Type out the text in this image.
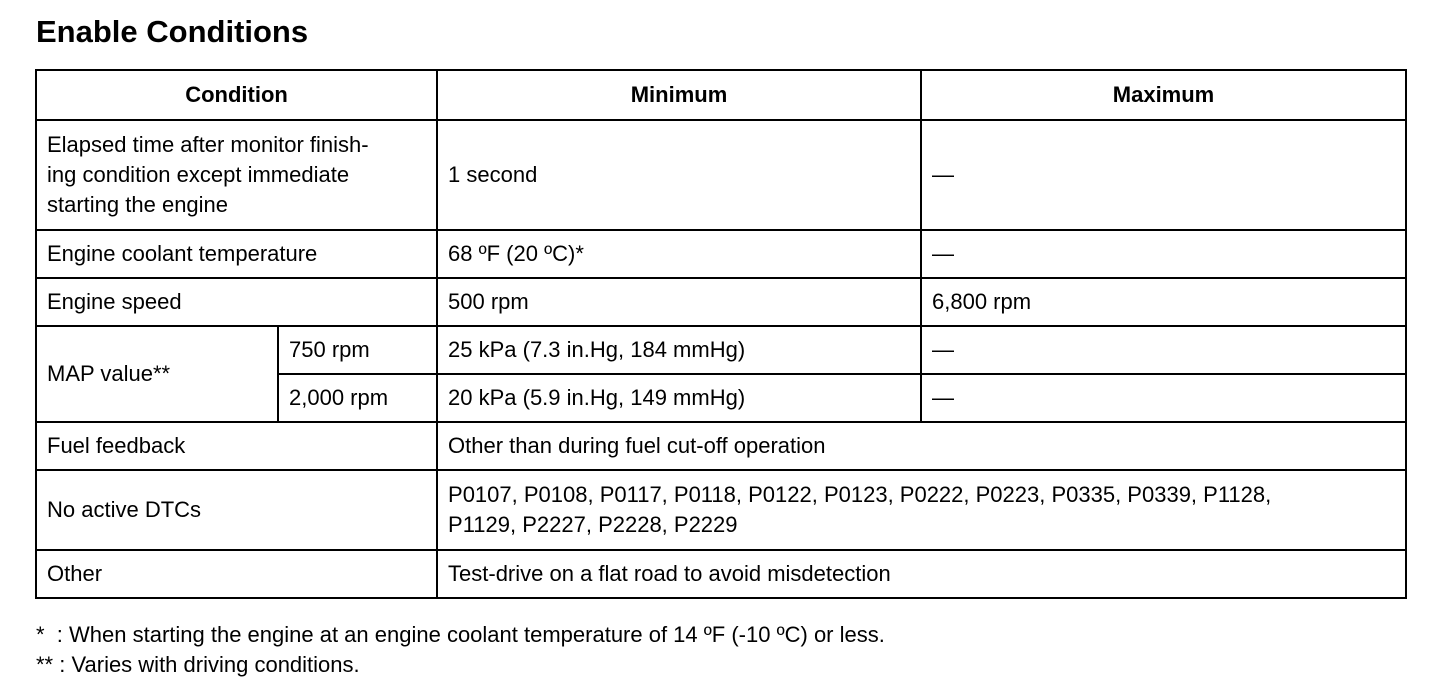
Enable Conditions
Condition		Minimum	Maximum

Elapsed time after monitor finish-
ing condition except immediate
starting the engine		1 second	—
Engine coolant temperature		68 ºF (20 ºC)*	—
Engine speed		500 rpm	6,800 rpm
MAP value**	750 rpm	25 kPa (7.3 in.Hg, 184 mmHg)	—
	2,000 rpm	20 kPa (5.9 in.Hg, 149 mmHg)	—
Fuel feedback		Other than during fuel cut-off operation	
No active DTCs		P0107, P0108, P0117, P0118, P0122, P0123, P0222, P0223, P0335, P0339, P1128,
P1129, P2227, P2228, P2229	

Other		Test-drive on a flat road to avoid misdetection	
*  : When starting the engine at an engine coolant temperature of 14 ºF (-10 ºC) or less.
** : Varies with driving conditions.
